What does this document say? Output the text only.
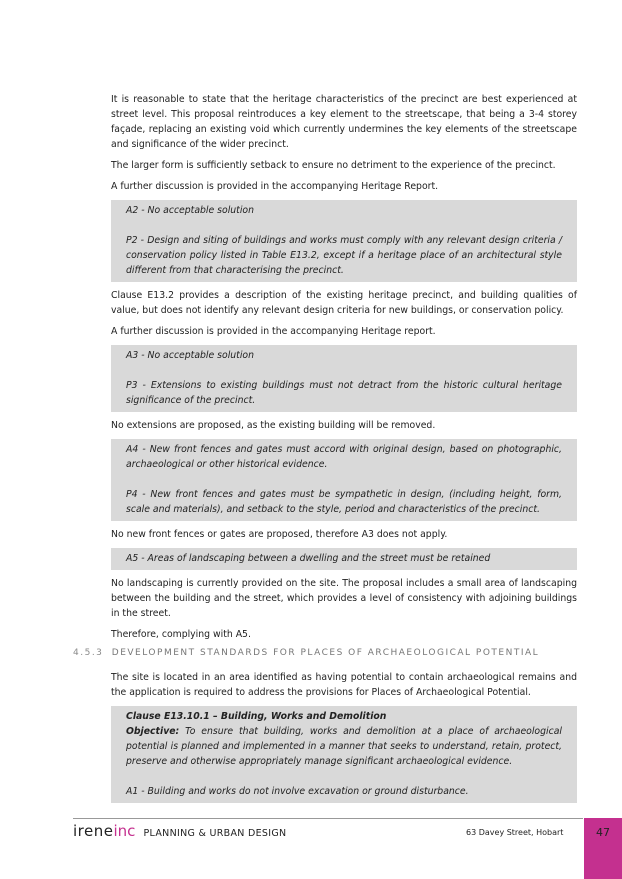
It is reasonable to state that the heritage characteristics of the precinct are best experienced at street level. This proposal reintroduces a key element to the streetscape, that being a 3-4 storey façade, replacing an existing void which currently undermines the key elements of the streetscape and significance of the wider precinct.

The larger form is sufficiently setback to ensure no detriment to the experience of the precinct.

A further discussion is provided in the accompanying Heritage Report.

A2 - No acceptable solution

P2 - Design and siting of buildings and works must comply with any relevant design criteria / conservation policy listed in Table E13.2, except if a heritage place of an architectural style different from that characterising the precinct.

Clause E13.2 provides a description of the existing heritage precinct, and building qualities of value, but does not identify any relevant design criteria for new buildings, or conservation policy.

A further discussion is provided in the accompanying Heritage report.

A3 - No acceptable solution

P3 - Extensions to existing buildings must not detract from the historic cultural heritage significance of the precinct.

No extensions are proposed, as the existing building will be removed.

A4 - New front fences and gates must accord with original design, based on photographic, archaeological or other historical evidence.

P4 - New front fences and gates must be sympathetic in design, (including height, form, scale and materials), and setback to the style, period and characteristics of the precinct.

No new front fences or gates are proposed, therefore A3 does not apply.

A5 - Areas of landscaping between a dwelling and the street must be retained

No landscaping is currently provided on the site. The proposal includes a small area of landscaping between the building and the street, which provides a level of consistency with adjoining buildings in the street.

Therefore, complying with A5.

4.5.3 DEVELOPMENT STANDARDS FOR PLACES OF ARCHAEOLOGICAL POTENTIAL

The site is located in an area identified as having potential to contain archaeological remains and the application is required to address the provisions for Places of Archaeological Potential.

Clause E13.10.1 – Building, Works and Demolition

Objective: To ensure that building, works and demolition at a place of archaeological potential is planned and implemented in a manner that seeks to understand, retain, protect, preserve and otherwise appropriately manage significant archaeological evidence.

A1 - Building and works do not involve excavation or ground disturbance.

ireneinc PLANNING & URBAN DESIGN	63 Davey Street, Hobart	47
